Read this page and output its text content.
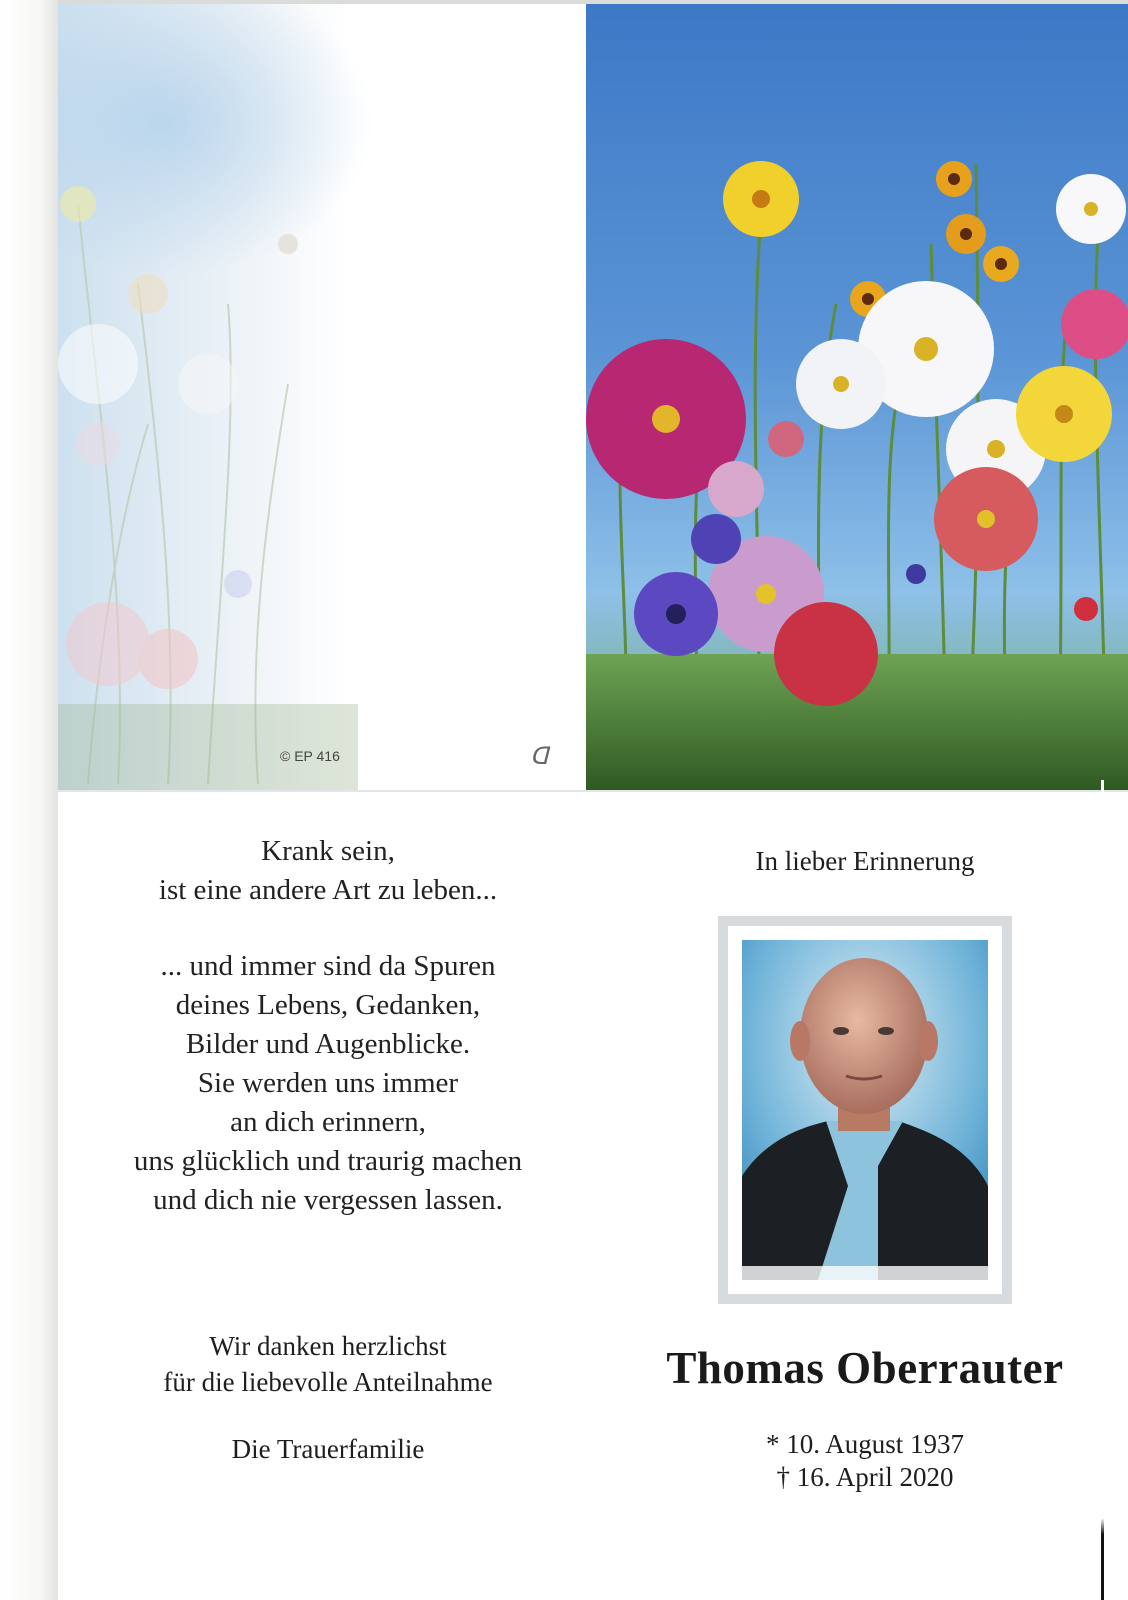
© EP 416	ᗡ

Krank sein,

ist eine andere Art zu leben...

... und immer sind da Spuren

deines Lebens, Gedanken,

Bilder und Augenblicke.

Sie werden uns immer

an dich erinnern,

uns glücklich und traurig machen

und dich nie vergessen lassen.

Wir danken herzlichst

für die liebevolle Anteilnahme

Die Trauerfamilie
In lieber Erinnerung
Thomas Oberrauter

* 10. August 1937

† 16. April 2020
